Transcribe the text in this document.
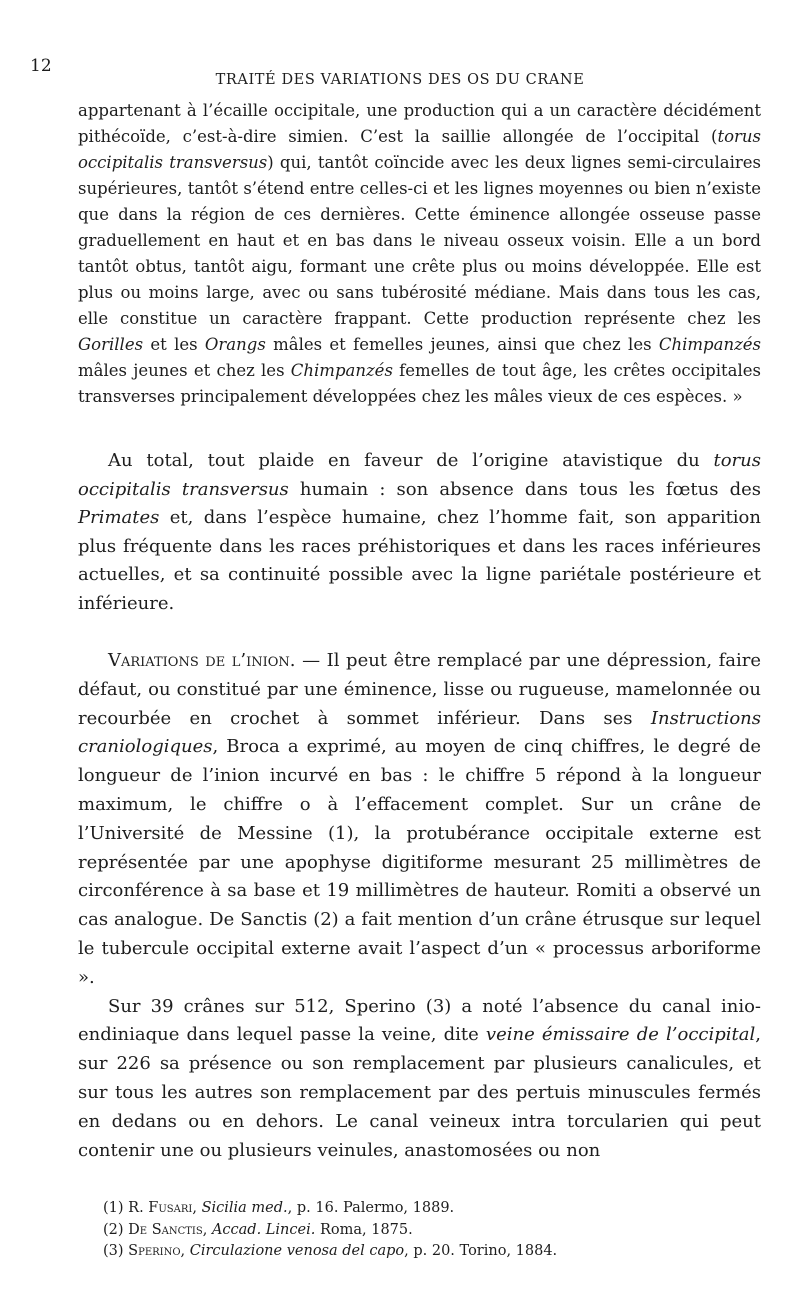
12
TRAITÉ DES VARIATIONS DES OS DU CRANE

appartenant à l’écaille occipitale, une production qui a un caractère décidément pithécoïde, c’est-à-dire simien. C’est la saillie allongée de l’occipital (torus occipitalis transversus) qui, tantôt coïncide avec les deux lignes semi-circulaires supérieures, tantôt s’étend entre celles-ci et les lignes moyennes ou bien n’existe que dans la région de ces dernières. Cette éminence allongée osseuse passe graduellement en haut et en bas dans le niveau osseux voisin. Elle a un bord tantôt obtus, tantôt aigu, formant une crête plus ou moins développée. Elle est plus ou moins large, avec ou sans tubérosité médiane. Mais dans tous les cas, elle constitue un caractère frappant. Cette production représente chez les Gorilles et les Orangs mâles et femelles jeunes, ainsi que chez les Chimpanzés mâles jeunes et chez les Chimpanzés femelles de tout âge, les crêtes occipitales transverses principalement développées chez les mâles vieux de ces espèces. »

Au total, tout plaide en faveur de l’origine atavistique du torus occipitalis transversus humain : son absence dans tous les fœtus des Primates et, dans l’espèce humaine, chez l’homme fait, son apparition plus fréquente dans les races préhistoriques et dans les races inférieures actuelles, et sa continuité possible avec la ligne pariétale postérieure et inférieure.

Variations de l’inion. — Il peut être remplacé par une dépression, faire défaut, ou constitué par une éminence, lisse ou rugueuse, mamelonnée ou recourbée en crochet à sommet inférieur. Dans ses Instructions craniologiques, Broca a exprimé, au moyen de cinq chiffres, le degré de longueur de l’inion incurvé en bas : le chiffre 5 répond à la longueur maximum, le chiffre o à l’effacement complet. Sur un crâne de l’Université de Messine (1), la protubérance occipitale externe est représentée par une apophyse digitiforme mesurant 25 millimètres de circonférence à sa base et 19 millimètres de hauteur. Romiti a observé un cas analogue. De Sanctis (2) a fait mention d’un crâne étrusque sur lequel le tubercule occipital externe avait l’aspect d’un « processus arboriforme ».

Sur 39 crânes sur 512, Sperino (3) a noté l’absence du canal inio-endiniaque dans lequel passe la veine, dite veine émissaire de l’occipital, sur 226 sa présence ou son remplacement par plusieurs canalicules, et sur tous les autres son remplacement par des pertuis minuscules fermés en dedans ou en dehors. Le canal veineux intra torcularien qui peut contenir une ou plusieurs veinules, anastomosées ou non

(1) R. Fusari, Sicilia med., p. 16. Palermo, 1889.
(2) De Sanctis, Accad. Lincei. Roma, 1875.
(3) Sperino, Circulazione venosa del capo, p. 20. Torino, 1884.
